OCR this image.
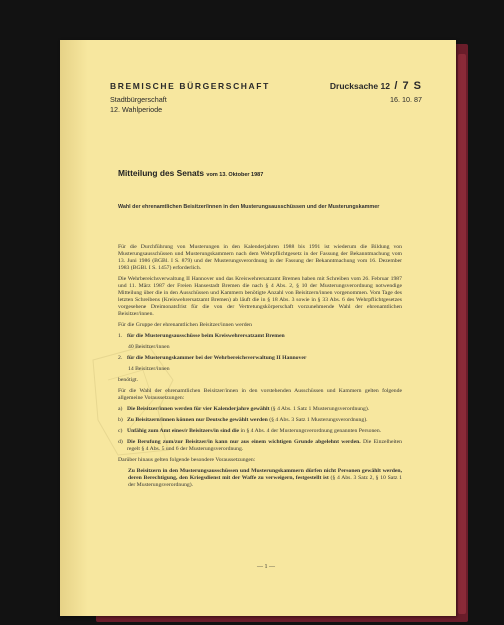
BREMISCHE BÜRGERSCHAFT	Drucksache 12 / 7 S
Stadtbürgerschaft	16. 10. 87
12. Wahlperiode
Mitteilung des Senats vom 13. Oktober 1987
Wahl der ehrenamtlichen Beisitzer/innen in den Musterungsausschüssen und der Musterungskammer

Für die Durchführung von Musterungen in den Kalenderjahren 1988 bis 1991 ist wiederum die Bildung von Musterungsausschüssen und Musterungskammern nach dem Wehrpflichtgesetz in der Fassung der Bekanntmachung vom 13. Juni 1986 (BGBl. I S. 879) und der Musterungsverordnung in der Fassung der Bekanntmachung vom 16. Dezember 1983 (BGBl. I S. 1457) erforderlich.

Die Wehrbereichsverwaltung II Hannover und das Kreiswehrersatzamt Bremen haben mit Schreiben vom 26. Februar 1987 und 11. März 1987 der Freien Hansestadt Bremen die nach § 4 Abs. 2, § 10 der Musterungsverordnung notwendige Mitteilung über die in den Ausschüssen und Kammern benötigte Anzahl von Beisitzern/innen vorgenommen. Vom Tage des letzten Schreibens (Kreiswehrersatzamt Bremen) ab läuft die in § 18 Abs. 3 sowie in § 33 Abs. 6 des Wehrpflichtgesetzes vorgesehene Dreimonatsfrist für die von der Vertretungskörperschaft vorzunehmende Wahl der ehrenamtlichen Beisitzer/innen.

Für die Gruppe der ehrenamtlichen Beisitzer/innen werden

1. für die Musterungsausschüsse beim Kreiswehrersatzamt Bremen
40 Beisitzer/innen
2. für die Musterungskammer bei der Wehrbereichsverwaltung II Hannover
14 Beisitzer/innen

benötigt.

Für die Wahl der ehrenamtlichen Beisitzer/innen in den vorstehenden Ausschüssen und Kammern gelten folgende allgemeine Voraussetzungen:

a) Die Beisitzer/innen werden für vier Kalenderjahre gewählt (§ 4 Abs. 1 Satz 1 Musterungsverordnung).
b) Zu Beisitzern/innen können nur Deutsche gewählt werden (§ 4 Abs. 3 Satz 1 Musterungsverordnung).
c) Unfähig zum Amt eines/r Beisitzers/in sind die in § 4 Abs. 4 der Musterungsverordnung genannten Personen.
d) Die Berufung zum/zur Beisitzer/in kann nur aus einem wichtigen Grunde abgelehnt werden. Die Einzelheiten regelt § 4 Abs. 5 und 6 der Musterungsverordnung.

Darüber hinaus gelten folgende besondere Voraussetzungen:

Zu Beisitzern in den Musterungsausschüssen und Musterungskammern dürfen nicht Personen gewählt werden, deren Berechtigung, den Kriegsdienst mit der Waffe zu verweigern, festgestellt ist (§ 4 Abs. 3 Satz 2, § 10 Satz 1 der Musterungsverordnung).
— 1 —
